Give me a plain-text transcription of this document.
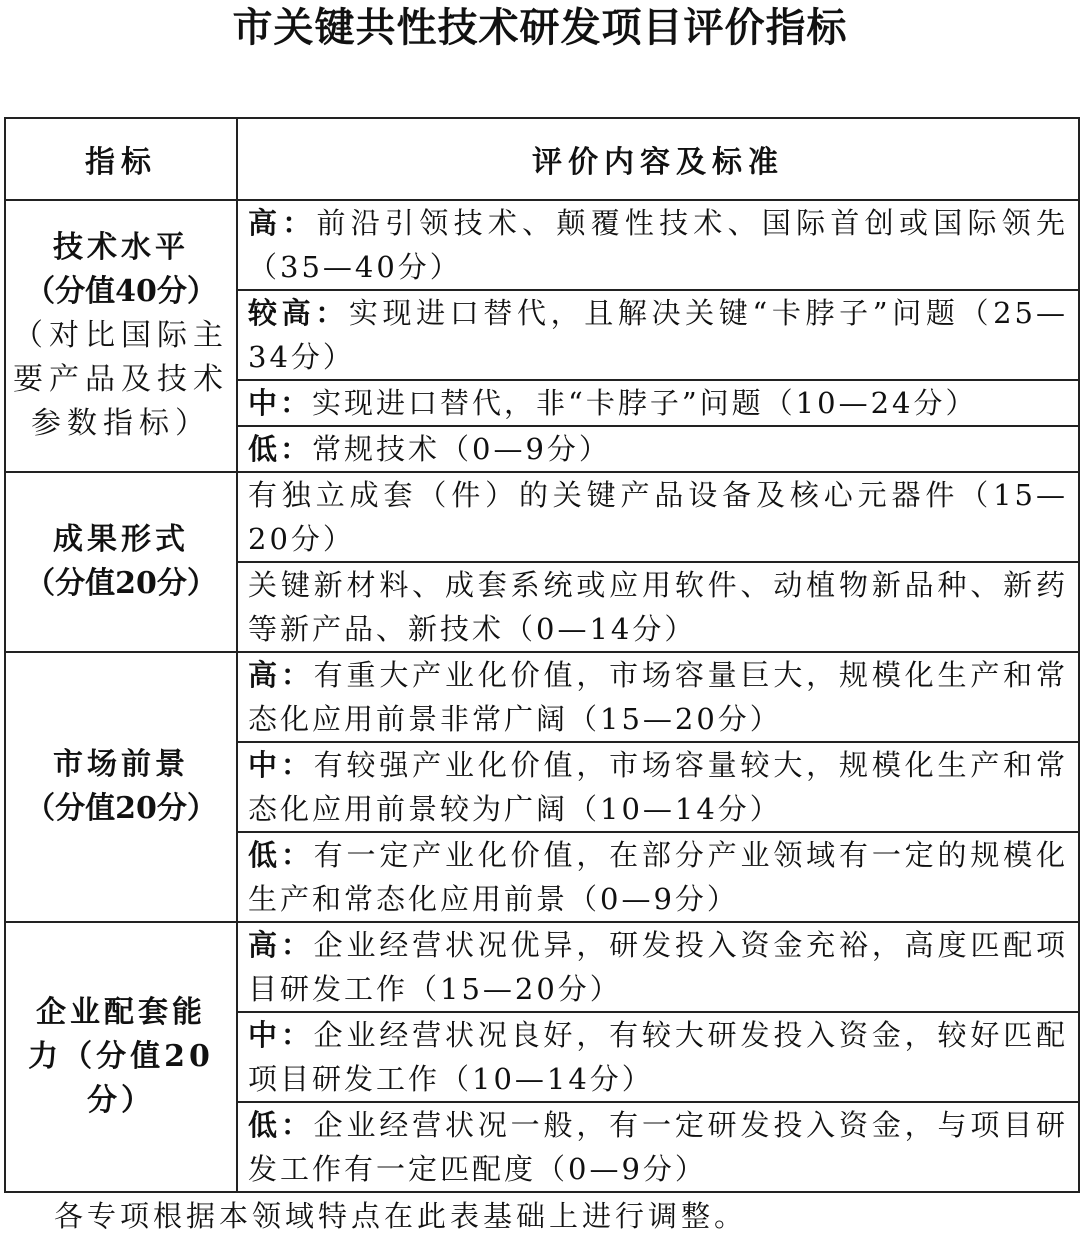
市关键共性技术研发项目评价指标
指标	评价内容及标准

技术水平
（分值40分）
（对比国际主要产品及技术参数指标）	高：前沿引领技术、颠覆性技术、国际首创或国际领先（35—40分）
	较高：实现进口替代，且解决关键“卡脖子”问题（25—34分）
	中：实现进口替代，非“卡脖子”问题（10—24分）
	低：常规技术（0—9分）

成果形式
（分值20分）	有独立成套（件）的关键产品设备及核心元器件（15—20分）
	关键新材料、成套系统或应用软件、动植物新品种、新药等新产品、新技术（0—14分）

市场前景
（分值20分）	高：有重大产业化价值，市场容量巨大，规模化生产和常态化应用前景非常广阔（15—20分）
	中：有较强产业化价值，市场容量较大，规模化生产和常态化应用前景较为广阔（10—14分）
	低：有一定产业化价值，在部分产业领域有一定的规模化生产和常态化应用前景（0—9分）

企业配套能力（分值20分）	高：企业经营状况优异，研发投入资金充裕，高度匹配项目研发工作（15—20分）
	中：企业经营状况良好，有较大研发投入资金，较好匹配项目研发工作（10—14分）
	低：企业经营状况一般，有一定研发投入资金，与项目研发工作有一定匹配度（0—9分）
各专项根据本领域特点在此表基础上进行调整。
